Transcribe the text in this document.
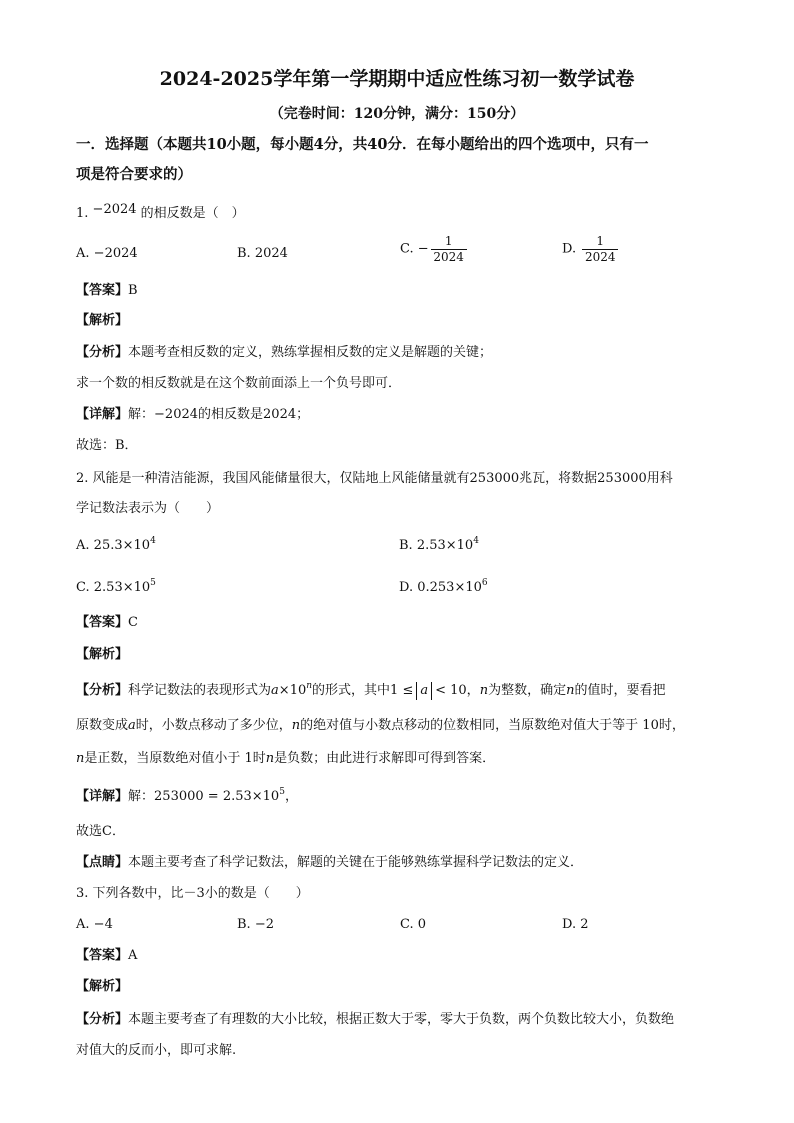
2024-2025学年第一学期期中适应性练习初一数学试卷
（完卷时间：120分钟，满分：150分）
一．选择题（本题共10小题，每小题4分，共40分．在每小题给出的四个选项中，只有一
项是符合要求的）
1. −2024 的相反数是（　）
A. −2024	B. 2024	C. − $\frac{1}{2024}$	D. $\frac{1}{2024}$
【答案】B
【解析】
【分析】本题考查相反数的定义，熟练掌握相反数的定义是解题的关键；
求一个数的相反数就是在这个数前面添上一个负号即可．
【详解】解：−2024的相反数是2024；
故选：B．
2. 风能是一种清洁能源，我国风能储量很大，仅陆地上风能储量就有253000兆瓦，将数据253000用科
学记数法表示为（　　）
A. $25.3\times 10^4$	B. $2.53\times 10^4$
C. $2.53\times 10^5$	D. $0.253\times 10^6$
【答案】C
【解析】
【分析】科学记数法的表现形式为$a\times 10^n$的形式，其中1 ≤ a < 10，n为整数，确定n的值时，要看把
原数变成a时，小数点移动了多少位，n的绝对值与小数点移动的位数相同，当原数绝对值大于等于 10时，
n是正数，当原数绝对值小于 1时n是负数；由此进行求解即可得到答案．
【详解】解：$253000 = 2.53\times 10^5$，
故选C．
【点睛】本题主要考查了科学记数法，解题的关键在于能够熟练掌握科学记数法的定义．
3. 下列各数中，比－3小的数是（　　）
A. −4	B. −2	C. 0	D. 2
【答案】A
【解析】
【分析】本题主要考查了有理数的大小比较，根据正数大于零，零大于负数，两个负数比较大小，负数绝
对值大的反而小，即可求解.
